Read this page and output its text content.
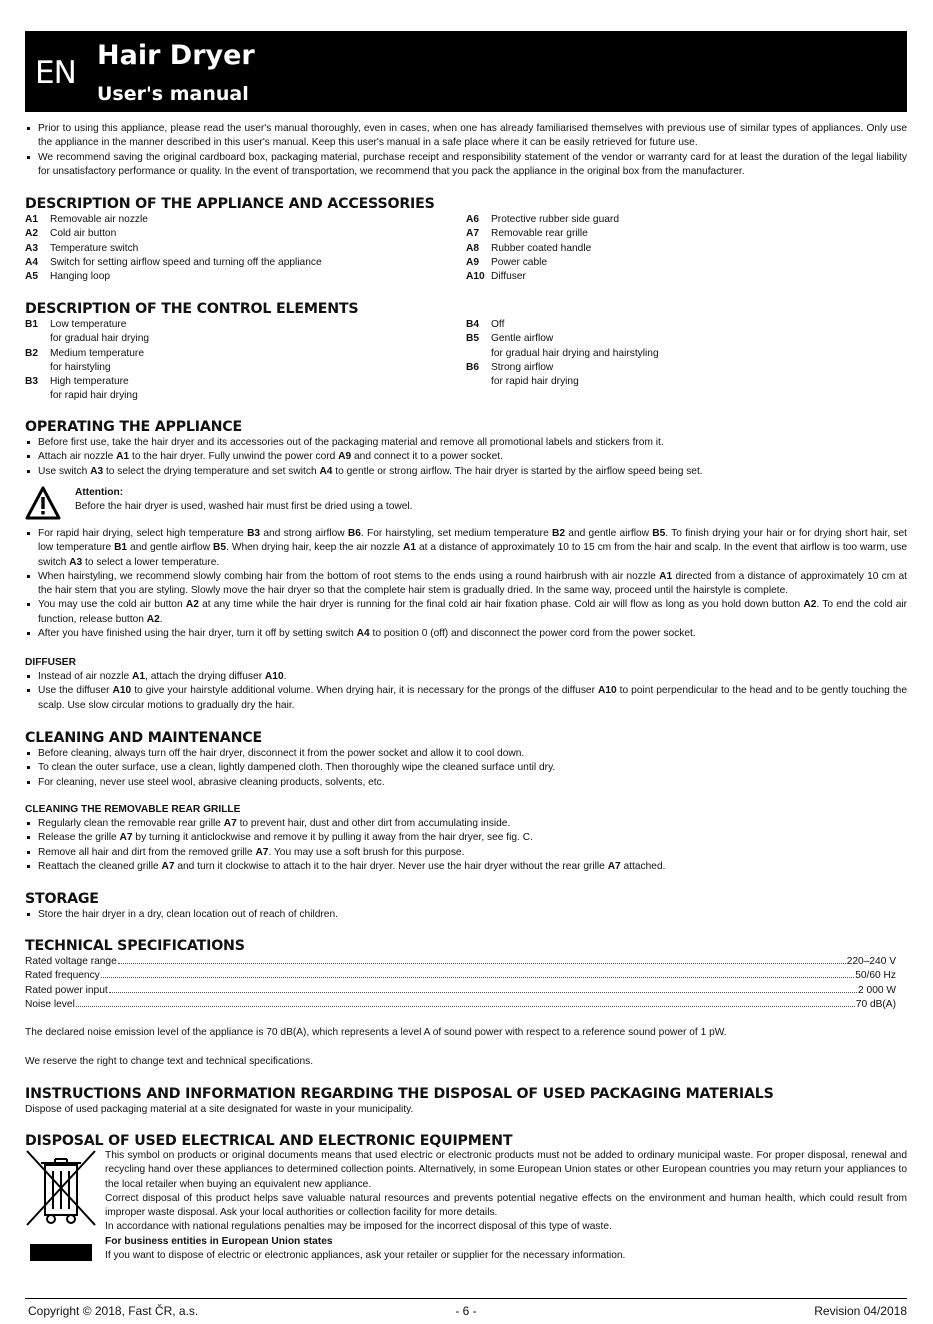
EN Hair Dryer
User's manual
Prior to using this appliance, please read the user's manual thoroughly, even in cases, when one has already familiarised themselves with previous use of similar types of appliances. Only use the appliance in the manner described in this user's manual. Keep this user's manual in a safe place where it can be easily retrieved for future use.
We recommend saving the original cardboard box, packaging material, purchase receipt and responsibility statement of the vendor or warranty card for at least the duration of the legal liability for unsatisfactory performance or quality. In the event of transportation, we recommend that you pack the appliance in the original box from the manufacturer.
DESCRIPTION OF THE APPLIANCE AND ACCESSORIES
A1	Removable air nozzle
A2	Cold air button
A3	Temperature switch
A4	Switch for setting airflow speed and turning off the appliance
A5	Hanging loop
A6	Protective rubber side guard
A7	Removable rear grille
A8	Rubber coated handle
A9	Power cable
A10 Diffuser
DESCRIPTION OF THE CONTROL ELEMENTS
B1	Low temperature
for gradual hair drying
B2	Medium temperature
for hairstyling
B3	High temperature
for rapid hair drying
B4	Off
B5	Gentle airflow
for gradual hair drying and hairstyling
B6	Strong airflow
for rapid hair drying
OPERATING THE APPLIANCE
Before first use, take the hair dryer and its accessories out of the packaging material and remove all promotional labels and stickers from it.
Attach air nozzle A1 to the hair dryer. Fully unwind the power cord A9 and connect it to a power socket.
Use switch A3 to select the drying temperature and set switch A4 to gentle or strong airflow. The hair dryer is started by the airflow speed being set.
Attention:
Before the hair dryer is used, washed hair must first be dried using a towel.
For rapid hair drying, select high temperature B3 and strong airflow B6. For hairstyling, set medium temperature B2 and gentle airflow B5. To finish drying your hair or for drying short hair, set low temperature B1 and gentle airflow B5. When drying hair, keep the air nozzle A1 at a distance of approximately 10 to 15 cm from the hair and scalp. In the event that airflow is too warm, use switch A3 to select a lower temperature.
When hairstyling, we recommend slowly combing hair from the bottom of root stems to the ends using a round hairbrush with air nozzle A1 directed from a distance of approximately 10 cm at the hair stem that you are styling. Slowly move the hair dryer so that the complete hair stem is gradually dried. In the same way, proceed until the hairstyle is complete.
You may use the cold air button A2 at any time while the hair dryer is running for the final cold air hair fixation phase. Cold air will flow as long as you hold down button A2. To end the cold air function, release button A2.
After you have finished using the hair dryer, turn it off by setting switch A4 to position 0 (off) and disconnect the power cord from the power socket.
DIFFUSER
Instead of air nozzle A1, attach the drying diffuser A10.
Use the diffuser A10 to give your hairstyle additional volume. When drying hair, it is necessary for the prongs of the diffuser A10 to point perpendicular to the head and to be gently touching the scalp. Use slow circular motions to gradually dry the hair.
CLEANING AND MAINTENANCE
Before cleaning, always turn off the hair dryer, disconnect it from the power socket and allow it to cool down.
To clean the outer surface, use a clean, lightly dampened cloth. Then thoroughly wipe the cleaned surface until dry.
For cleaning, never use steel wool, abrasive cleaning products, solvents, etc.
CLEANING THE REMOVABLE REAR GRILLE
Regularly clean the removable rear grille A7 to prevent hair, dust and other dirt from accumulating inside.
Release the grille A7 by turning it anticlockwise and remove it by pulling it away from the hair dryer, see fig. C.
Remove all hair and dirt from the removed grille A7. You may use a soft brush for this purpose.
Reattach the cleaned grille A7 and turn it clockwise to attach it to the hair dryer. Never use the hair dryer without the rear grille A7 attached.
STORAGE
Store the hair dryer in a dry, clean location out of reach of children.
TECHNICAL SPECIFICATIONS
Rated voltage range	220–240 V
Rated frequency	50/60 Hz
Rated power input	2 000 W
Noise level	70 dB(A)
The declared noise emission level of the appliance is 70 dB(A), which represents a level A of sound power with respect to a reference sound power of 1 pW.
We reserve the right to change text and technical specifications.
INSTRUCTIONS AND INFORMATION REGARDING THE DISPOSAL OF USED PACKAGING MATERIALS
Dispose of used packaging material at a site designated for waste in your municipality.
DISPOSAL OF USED ELECTRICAL AND ELECTRONIC EQUIPMENT
This symbol on products or original documents means that used electric or electronic products must not be added to ordinary municipal waste. For proper disposal, renewal and recycling hand over these appliances to determined collection points. Alternatively, in some European Union states or other European countries you may return your appliances to the local retailer when buying an equivalent new appliance.
Correct disposal of this product helps save valuable natural resources and prevents potential negative effects on the environment and human health, which could result from improper waste disposal. Ask your local authorities or collection facility for more details.
In accordance with national regulations penalties may be imposed for the incorrect disposal of this type of waste.
For business entities in European Union states
If you want to dispose of electric or electronic appliances, ask your retailer or supplier for the necessary information.
Copyright © 2018, Fast ČR, a.s.	- 6 -	Revision 04/2018
